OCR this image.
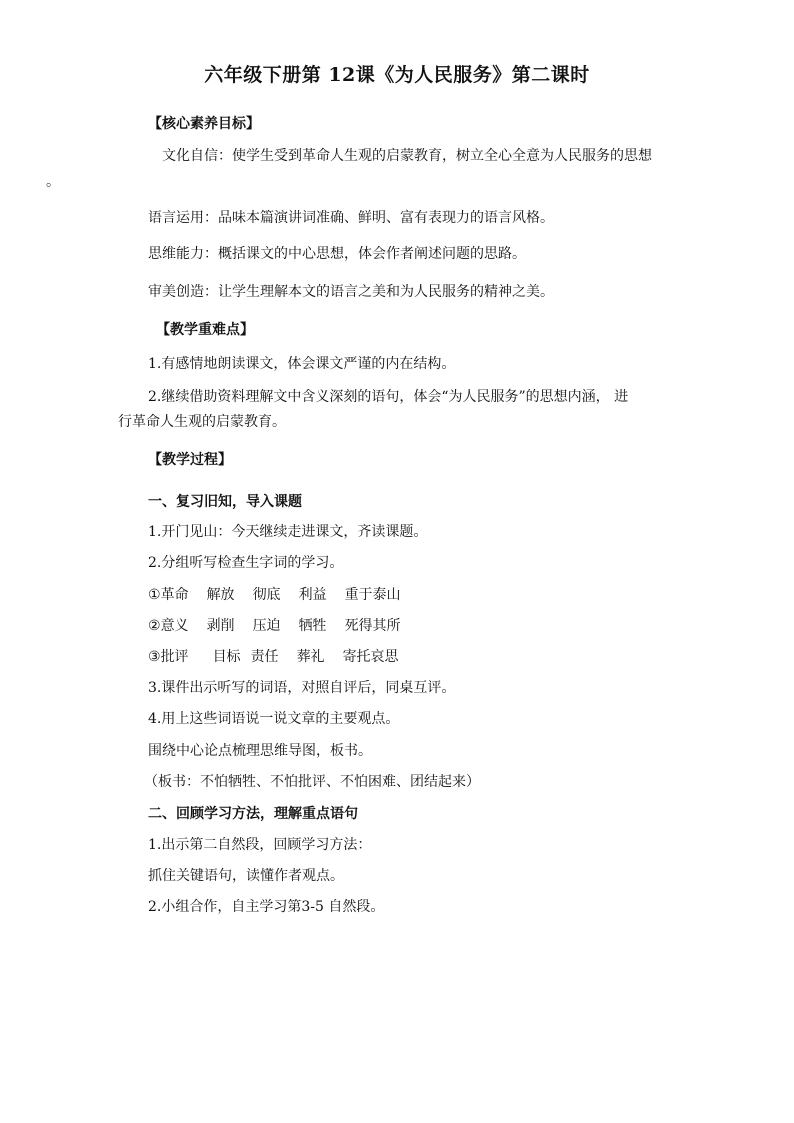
六年级下册第 12课《为人民服务》第二课时
【核心素养目标】
文化自信：使学生受到革命人生观的启蒙教育，树立全心全意为人民服务的思想
。
语言运用：品味本篇演讲词准确、鲜明、富有表现力的语言风格。
思维能力：概括课文的中心思想，体会作者阐述问题的思路。
审美创造：让学生理解本文的语言之美和为人民服务的精神之美。
【教学重难点】
1.有感情地朗读课文，体会课文严谨的内在结构。
2.继续借助资料理解文中含义深刻的语句，体会“为人民服务”的思想内涵， 进
行革命人生观的启蒙教育。
【教学过程】
一、复习旧知，导入课题
1.开门见山：今天继续走进课文，齐读课题。
2.分组听写检查生字词的学习。
①革命 解放 彻底 利益 重于泰山
②意义 剥削 压迫 牺牲 死得其所
③批评 目标 责任 葬礼 寄托哀思
3.课件出示听写的词语，对照自评后，同桌互评。
4.用上这些词语说一说文章的主要观点。
围绕中心论点梳理思维导图，板书。
（板书：不怕牺牲、不怕批评、不怕困难、团结起来）
二、回顾学习方法，理解重点语句
1.出示第二自然段，回顾学习方法：
抓住关键语句，读懂作者观点。
2.小组合作，自主学习第3-5 自然段。
